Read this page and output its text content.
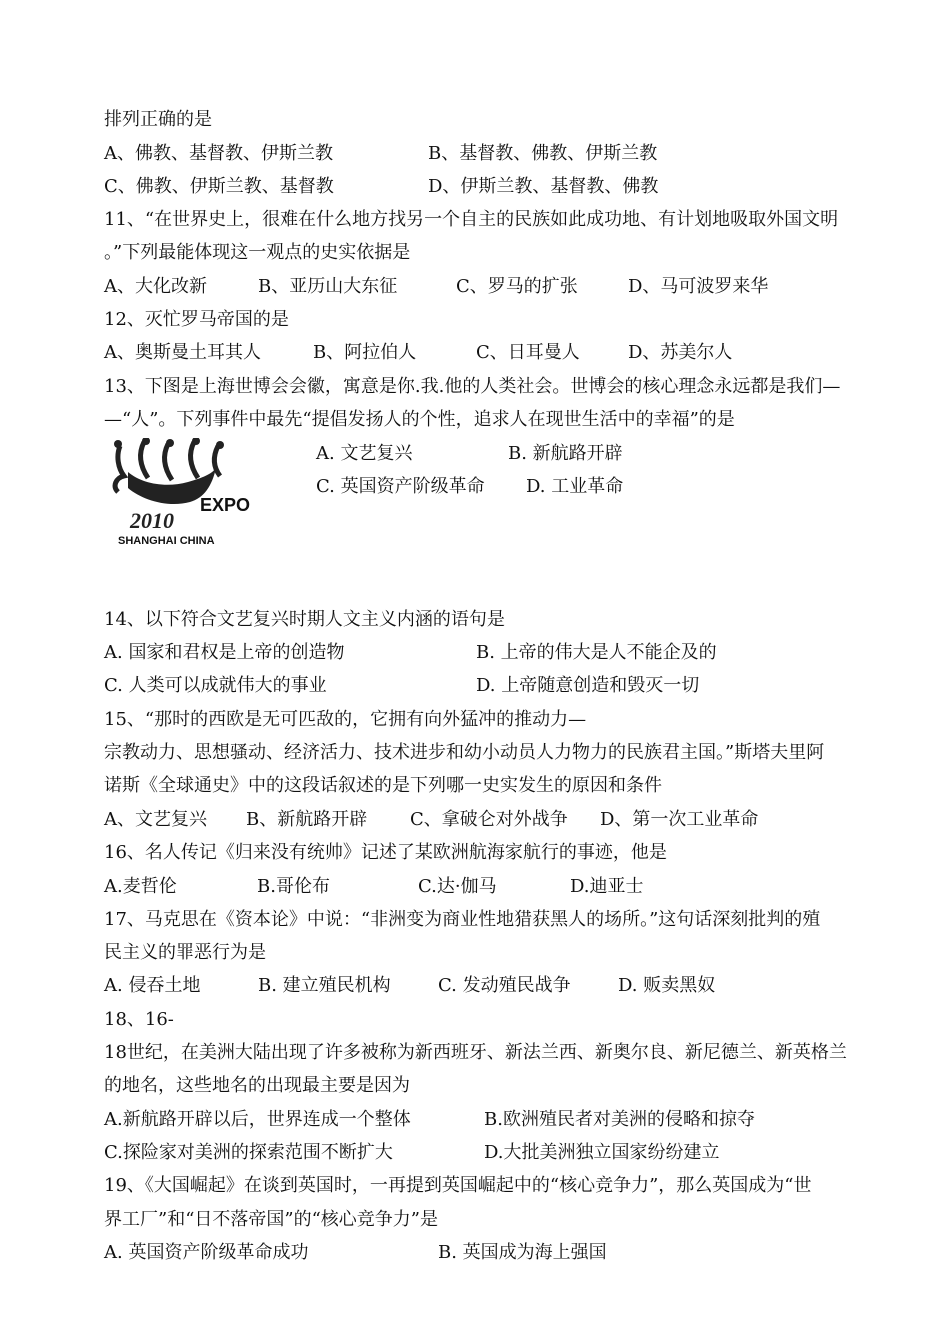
排列正确的是
A、佛教、基督教、伊斯兰教	B、基督教、佛教、伊斯兰教
C、佛教、伊斯兰教、基督教	D、伊斯兰教、基督教、佛教
11、“在世界史上，很难在什么地方找另一个自主的民族如此成功地、有计划地吸取外国文明
。”下列最能体现这一观点的史实依据是
A、大化改新	B、亚历山大东征	C、罗马的扩张	D、马可波罗来华
12、灭忙罗马帝国的是
A、奥斯曼土耳其人	B、阿拉伯人	C、日耳曼人	D、苏美尔人
13、下图是上海世博会会徽，寓意是你.我.他的人类社会。世博会的核心理念永远都是我们—
—“人”。下列事件中最先“提倡发扬人的个性，追求人在现世生活中的幸福”的是
EXPO
2010
SHANGHAI CHINA
A. 文艺复兴	B. 新航路开辟
C. 英国资产阶级革命 D. 工业革命
14、以下符合文艺复兴时期人文主义内涵的语句是
A. 国家和君权是上帝的创造物	B. 上帝的伟大是人不能企及的
C. 人类可以成就伟大的事业	D. 上帝随意创造和毁灭一切
15、“那时的西欧是无可匹敌的，它拥有向外猛冲的推动力—
宗教动力、思想骚动、经济活力、技术进步和幼小动员人力物力的民族君主国。”斯塔夫里阿
诺斯《全球通史》中的这段话叙述的是下列哪一史实发生的原因和条件
A、文艺复兴 B、新航路开辟 C、拿破仑对外战争 D、第一次工业革命
16、名人传记《归来没有统帅》记述了某欧洲航海家航行的事迹，他是
A.麦哲伦	B.哥伦布	C.达·伽马	D.迪亚士
17、马克思在《资本论》中说：“非洲变为商业性地猎获黑人的场所。”这句话深刻批判的殖
民主义的罪恶行为是
A. 侵吞土地	B. 建立殖民机构	C. 发动殖民战争	D. 贩卖黑奴
18、16-
18世纪，在美洲大陆出现了许多被称为新西班牙、新法兰西、新奥尔良、新尼德兰、新英格兰
的地名，这些地名的出现最主要是因为
A.新航路开辟以后，世界连成一个整体	B.欧洲殖民者对美洲的侵略和掠夺
C.探险家对美洲的探索范围不断扩大	D.大批美洲独立国家纷纷建立
19、《大国崛起》在谈到英国时，一再提到英国崛起中的“核心竞争力”，那么英国成为“世
界工厂”和“日不落帝国”的“核心竞争力”是
A. 英国资产阶级革命成功	B. 英国成为海上强国
